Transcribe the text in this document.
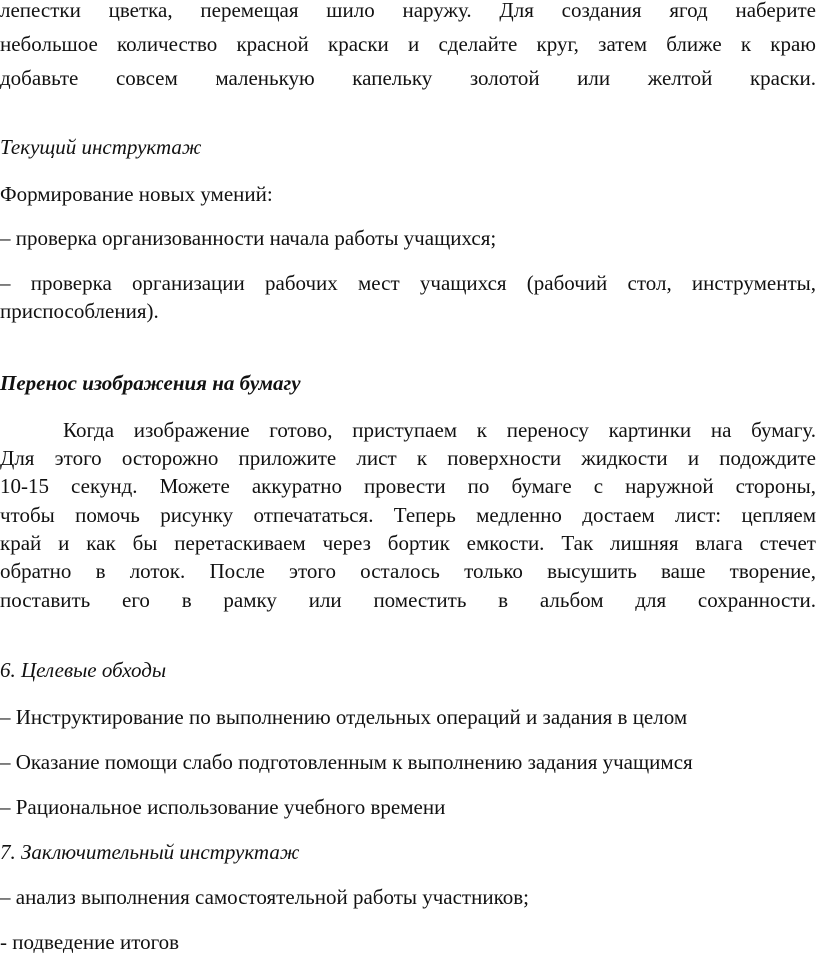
лепестки цветка, перемещая шило наружу. Для создания ягод наберите
небольшое количество красной краски и сделайте круг, затем ближе к краю
добавьте совсем маленькую капельку золотой или желтой краски.
Текущий инструктаж
Формирование новых умений:
– проверка организованности начала работы учащихся;
– проверка организации рабочих мест учащихся (рабочий стол, инструменты,
приспособления).
Перенос изображения на бумагу
Когда изображение готово, приступаем к переносу картинки на бумагу.
Для этого осторожно приложите лист к поверхности жидкости и подождите
10-15 секунд. Можете аккуратно провести по бумаге с наружной стороны,
чтобы помочь рисунку отпечататься. Теперь медленно достаем лист: цепляем
край и как бы перетаскиваем через бортик емкости. Так лишняя влага стечет
обратно в лоток. После этого осталось только высушить ваше творение,
поставить его в рамку или поместить в альбом для сохранности.
6. Целевые обходы
– Инструктирование по выполнению отдельных операций и задания в целом
– Оказание помощи слабо подготовленным к выполнению задания учащимся
– Рациональное использование учебного времени
7. Заключительный инструктаж
– анализ выполнения самостоятельной работы участников;
- подведение итогов
